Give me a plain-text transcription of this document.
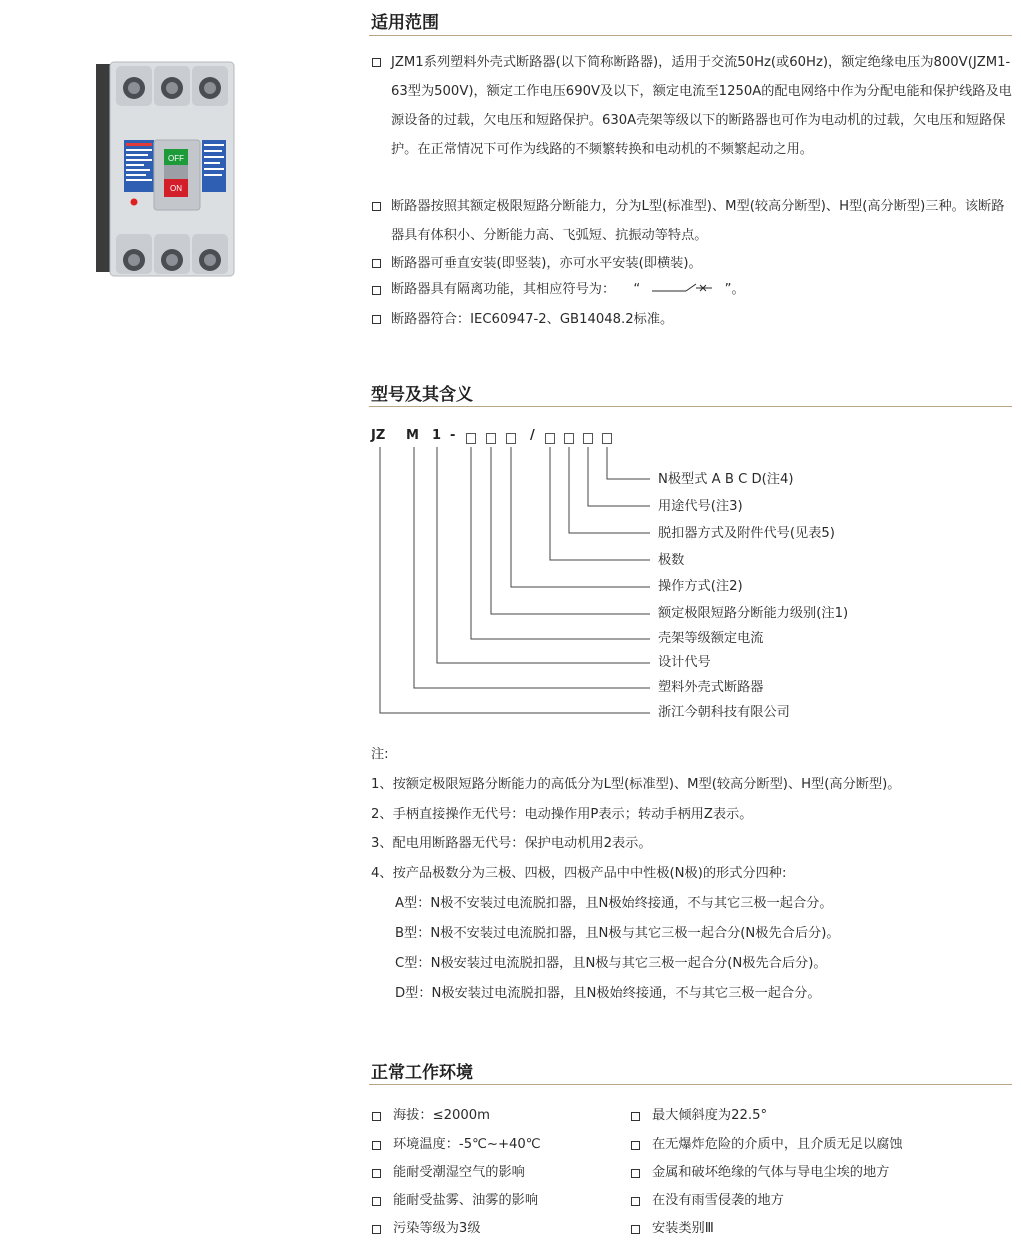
OFF
ON
适用范围
JZM1系列塑料外壳式断路器(以下简称断路器)，适用于交流50Hz(或60Hz)，额定绝缘电压为800V(JZM1-63型为500V)，额定工作电压690V及以下，额定电流至1250A的配电网络中作为分配电能和保护线路及电源设备的过载，欠电压和短路保护。630A壳架等级以下的断路器也可作为电动机的过载，欠电压和短路保护。在正常情况下可作为线路的不频繁转换和电动机的不频繁起动之用。
断路器按照其额定极限短路分断能力，分为L型(标准型)、M型(较高分断型)、H型(高分断型)三种。该断路器具有体积小、分断能力高、飞弧短、抗振动等特点。
断路器可垂直安装(即竖装)，亦可水平安装(即横装)。
断路器具有隔离功能，其相应符号为： “	”。
断路器符合：IEC60947-2、GB14048.2标准。
型号及其含义
JZ M 1 -	/
N极型式 A B C D(注4)
用途代号(注3)
脱扣器方式及附件代号(见表5)
极数
操作方式(注2)
额定极限短路分断能力级别(注1)
壳架等级额定电流
设计代号
塑料外壳式断路器
浙江今朝科技有限公司
注:
1、按额定极限短路分断能力的高低分为L型(标准型)、M型(较高分断型)、H型(高分断型)。
2、手柄直接操作无代号：电动操作用P表示；转动手柄用Z表示。
3、配电用断路器无代号：保护电动机用2表示。
4、按产品极数分为三极、四极，四极产品中中性极(N极)的形式分四种:
A型：N极不安装过电流脱扣器，且N极始终接通，不与其它三极一起合分。
B型：N极不安装过电流脱扣器，且N极与其它三极一起合分(N极先合后分)。
C型：N极安装过电流脱扣器，且N极与其它三极一起合分(N极先合后分)。
D型：N极安装过电流脱扣器，且N极始终接通，不与其它三极一起合分。
正常工作环境
海拔：≤2000m
环境温度：-5℃~+40℃
能耐受潮湿空气的影响
能耐受盐雾、油雾的影响
污染等级为3级
最大倾斜度为22.5°
在无爆炸危险的介质中，且介质无足以腐蚀
金属和破坏绝缘的气体与导电尘埃的地方
在没有雨雪侵袭的地方
安装类别Ⅲ
